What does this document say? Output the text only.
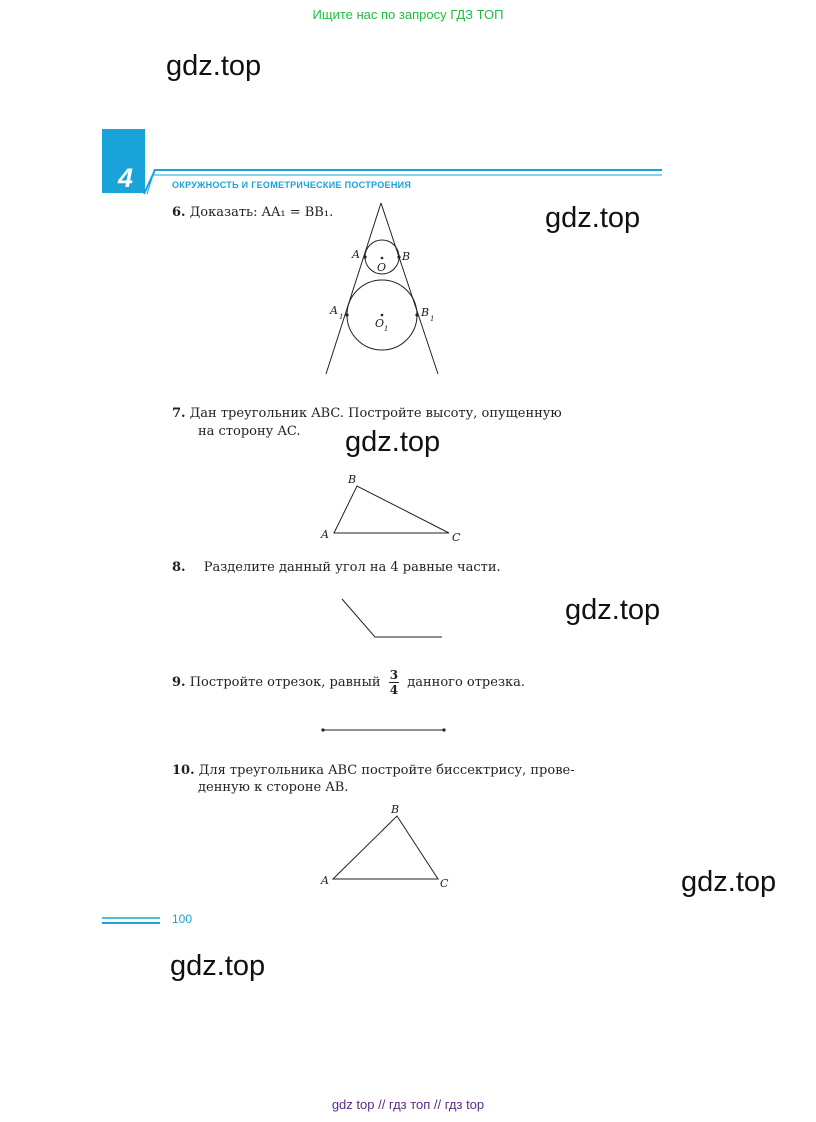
Ищите нас по запросу ГДЗ ТОП
gdz.top
gdz.top
gdz.top
gdz.top
gdz.top
gdz.top
4	ОКРУЖНОСТЬ И ГЕОМЕТРИЧЕСКИЕ ПОСТРОЕНИЯ
6. Доказать: AA₁ = BB₁.
A	B
O
A 1	B 1
O 1
7. Дан треугольник ABC. Постройте высоту, опущенную
на сторону AC.
A
B
C
8. Разделите данный угол на 4 равные части.
9. Постройте отрезок, равный $\frac{3}{4}$ данного отрезка.
10. Для треугольника ABC постройте биссектрису, прове-
денную к стороне AB.
A
B
C
100
gdz top // гдз топ // гдз top
